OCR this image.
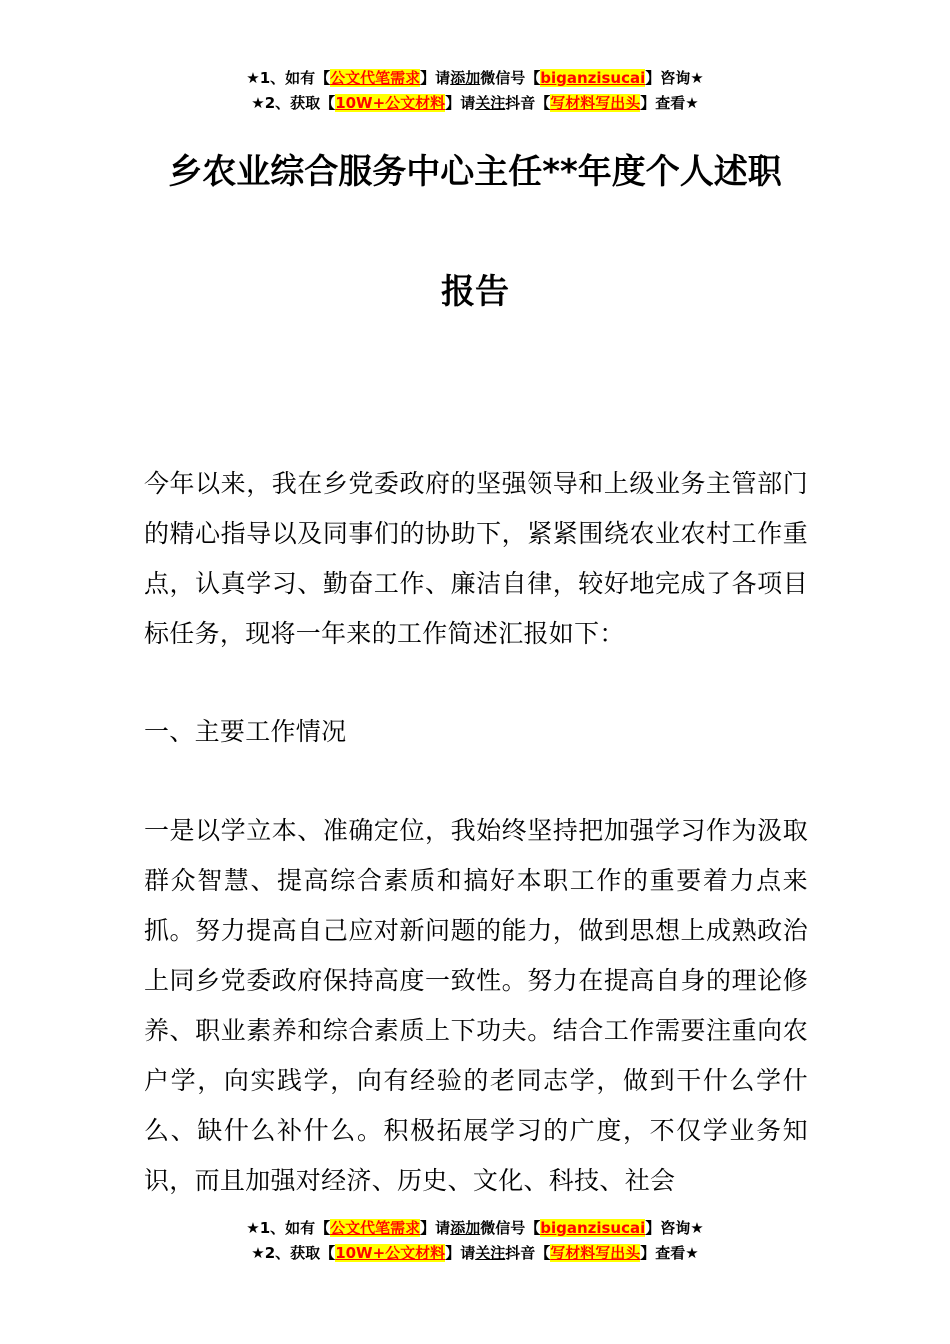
★1、如有【公文代笔需求】请添加微信号【biganzisucai】咨询★
★2、获取【10W+公文材料】请关注抖音【写材料写出头】查看★
乡农业综合服务中心主任**年度个人述职
报告
今年以来，我在乡党委政府的坚强领导和上级业务主管部门的精心指导以及同事们的协助下，紧紧围绕农业农村工作重点，认真学习、勤奋工作、廉洁自律，较好地完成了各项目标任务，现将一年来的工作简述汇报如下：
一、主要工作情况
一是以学立本、准确定位，我始终坚持把加强学习作为汲取群众智慧、提高综合素质和搞好本职工作的重要着力点来抓。努力提高自己应对新问题的能力，做到思想上成熟政治上同乡党委政府保持高度一致性。努力在提高自身的理论修养、职业素养和综合素质上下功夫。结合工作需要注重向农户学，向实践学，向有经验的老同志学，做到干什么学什么、缺什么补什么。积极拓展学习的广度，不仅学业务知识，而且加强对经济、历史、文化、科技、社会
★1、如有【公文代笔需求】请添加微信号【biganzisucai】咨询★
★2、获取【10W+公文材料】请关注抖音【写材料写出头】查看★
